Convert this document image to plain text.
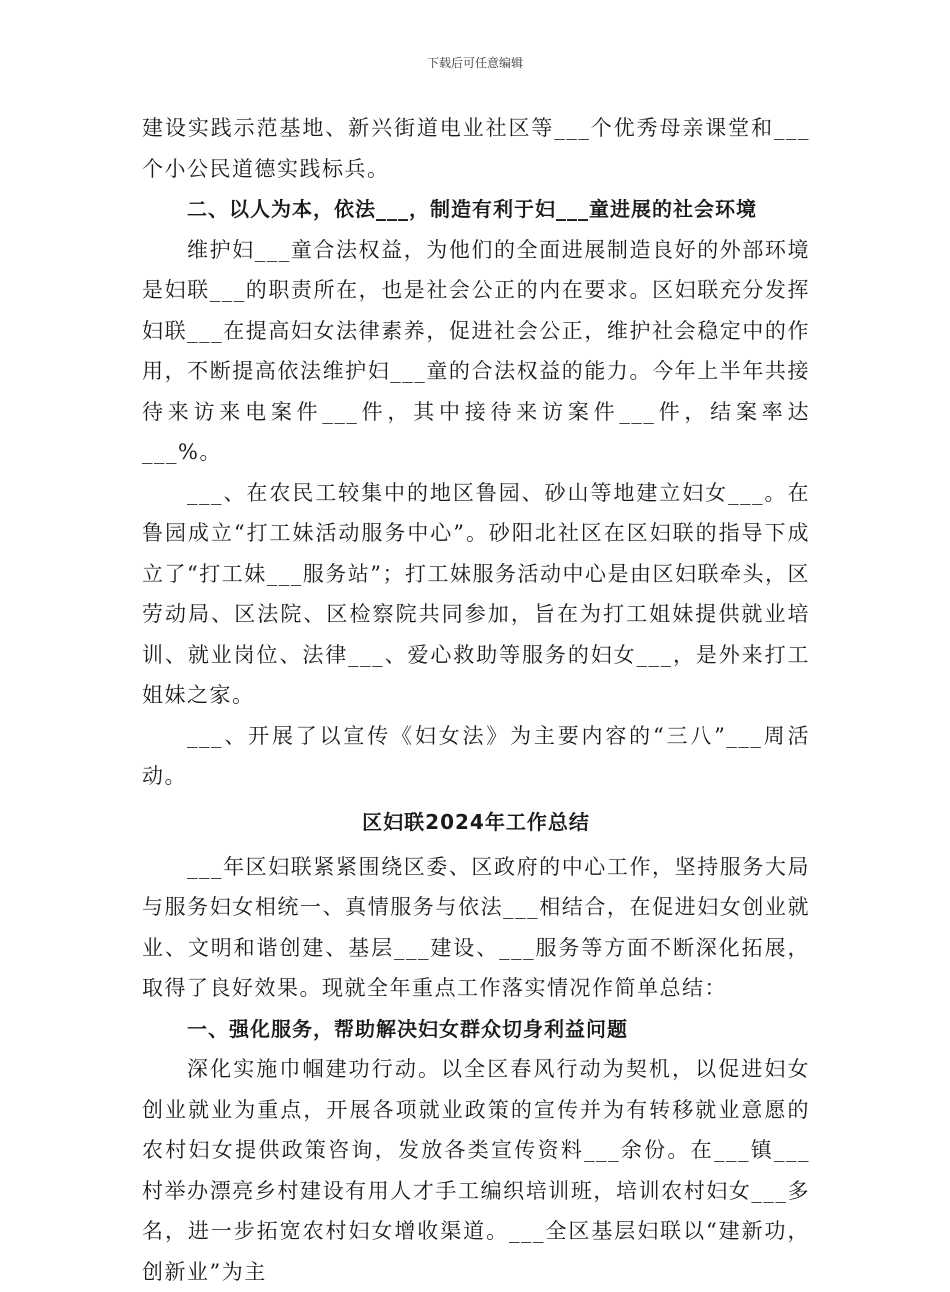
下载后可任意编辑

建设实践示范基地、新兴街道电业社区等___个优秀母亲课堂和___个小公民道德实践标兵。

二、以人为本，依法___，制造有利于妇___童进展的社会环境

维护妇___童合法权益，为他们的全面进展制造良好的外部环境是妇联___的职责所在，也是社会公正的内在要求。区妇联充分发挥妇联___在提高妇女法律素养，促进社会公正，维护社会稳定中的作用，不断提高依法维护妇___童的合法权益的能力。今年上半年共接待来访来电案件___件，其中接待来访案件___件，结案率达___%。

___、在农民工较集中的地区鲁园、砂山等地建立妇女___。在鲁园成立“打工妹活动服务中心”。砂阳北社区在区妇联的指导下成立了“打工妹___服务站”；打工妹服务活动中心是由区妇联牵头，区劳动局、区法院、区检察院共同参加，旨在为打工姐妹提供就业培训、就业岗位、法律___、爱心救助等服务的妇女___，是外来打工姐妹之家。

___、开展了以宣传《妇女法》为主要内容的“三八”___周活动。

区妇联2024年工作总结

___年区妇联紧紧围绕区委、区政府的中心工作，坚持服务大局与服务妇女相统一、真情服务与依法___相结合，在促进妇女创业就业、文明和谐创建、基层___建设、___服务等方面不断深化拓展，取得了良好效果。现就全年重点工作落实情况作简单总结：

一、强化服务，帮助解决妇女群众切身利益问题

深化实施巾帼建功行动。以全区春风行动为契机，以促进妇女创业就业为重点，开展各项就业政策的宣传并为有转移就业意愿的农村妇女提供政策咨询，发放各类宣传资料___余份。在___镇___村举办漂亮乡村建设有用人才手工编织培训班，培训农村妇女___多名，进一步拓宽农村妇女增收渠道。___全区基层妇联以“建新功，创新业”为主
